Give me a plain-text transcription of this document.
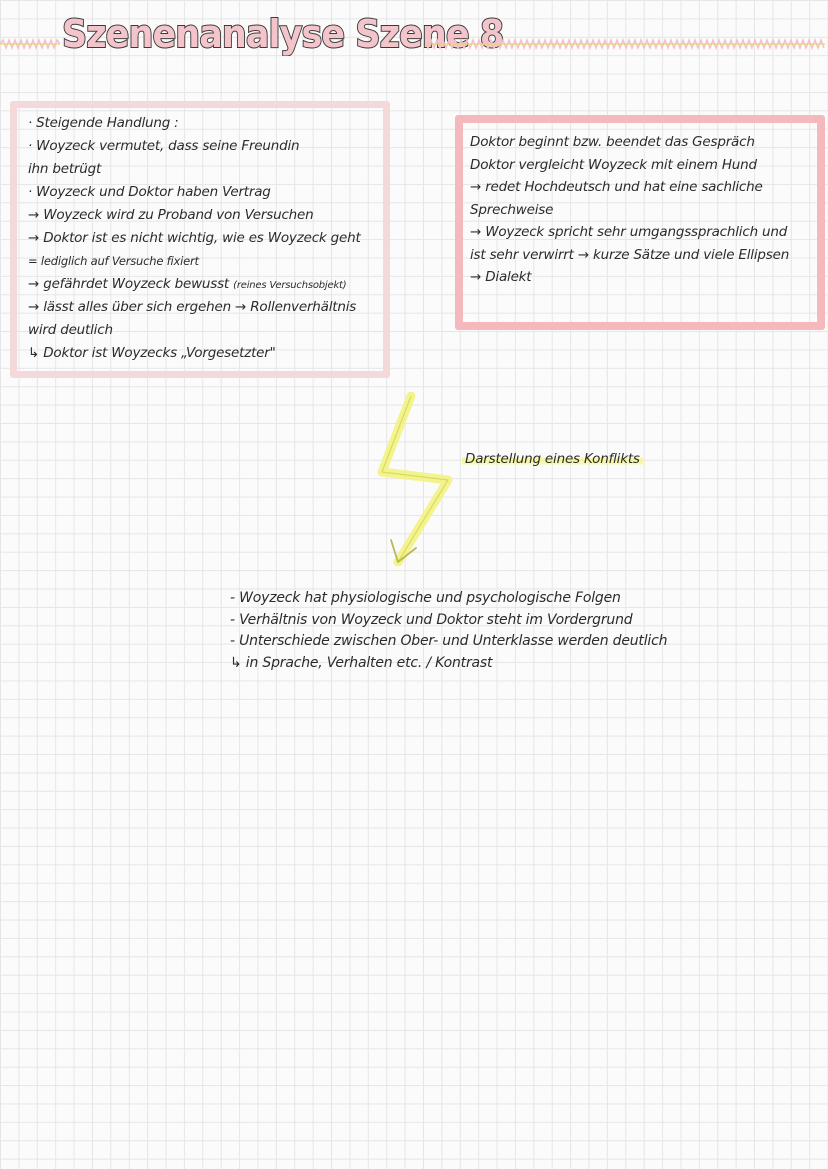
Szenenanalyse Szene 8
· Steigende Handlung :
· Woyzeck vermutet, dass seine Freundin
ihn betrügt
· Woyzeck und Doktor haben Vertrag
→ Woyzeck wird zu Proband von Versuchen
→ Doktor ist es nicht wichtig, wie es Woyzeck geht
= lediglich auf Versuche fixiert
→ gefährdet Woyzeck bewusst (reines Versuchsobjekt)
→ lässt alles über sich ergehen → Rollenverhältnis
wird deutlich
↳ Doktor ist Woyzecks „Vorgesetzter"
Doktor beginnt bzw. beendet das Gespräch
Doktor vergleicht Woyzeck mit einem Hund
→ redet Hochdeutsch und hat eine sachliche
Sprechweise
→ Woyzeck spricht sehr umgangssprachlich und
ist sehr verwirrt → kurze Sätze und viele Ellipsen
→ Dialekt
Darstellung eines Konflikts
- Woyzeck hat physiologische und psychologische Folgen
- Verhältnis von Woyzeck und Doktor steht im Vordergrund
- Unterschiede zwischen Ober- und Unterklasse werden deutlich
↳ in Sprache, Verhalten etc. / Kontrast
